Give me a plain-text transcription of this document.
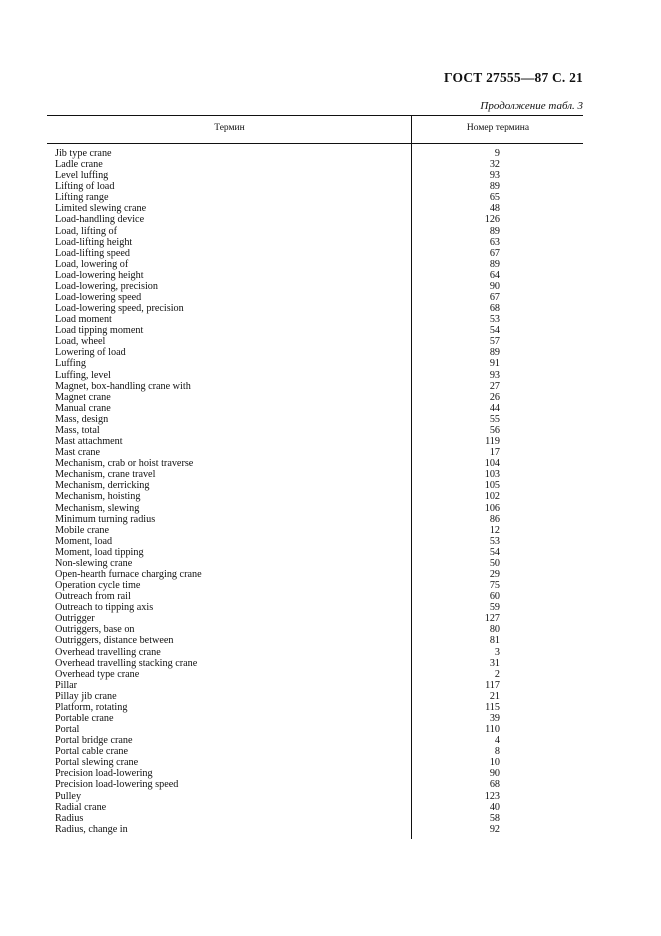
ГОСТ 27555—87 С. 21
Продолжение табл. 3
Термин	Номер термина
Jib type crane	9
Ladle crane	32
Level luffing	93
Lifting of load	89
Lifting range	65
Limited slewing crane	48
Load-handling device	126
Load, lifting of	89
Load-lifting height	63
Load-lifting speed	67
Load, lowering of	89
Load-lowering height	64
Load-lowering, precision	90
Load-lowering speed	67
Load-lowering speed, precision	68
Load moment	53
Load tipping moment	54
Load, wheel	57
Lowering of load	89
Luffing	91
Luffing, level	93
Magnet, box-handling crane with	27
Magnet crane	26
Manual crane	44
Mass, design	55
Mass, total	56
Mast attachment	119
Mast crane	17
Mechanism, crab or hoist traverse	104
Mechanism, crane travel	103
Mechanism, derricking	105
Mechanism, hoisting	102
Mechanism, slewing	106
Minimum turning radius	86
Mobile crane	12
Moment, load	53
Moment, load tipping	54
Non-slewing crane	50
Open-hearth furnace charging crane	29
Operation cycle time	75
Outreach from rail	60
Outreach to tipping axis	59
Outrigger	127
Outriggers, base on	80
Outriggers, distance between	81
Overhead travelling crane	3
Overhead travelling stacking crane	31
Overhead type crane	2
Pillar	117
Pillay jib crane	21
Platform, rotating	115
Portable crane	39
Portal	110
Portal bridge crane	4
Portal cable crane	8
Portal slewing crane	10
Precision load-lowering	90
Precision load-lowering speed	68
Pulley	123
Radial crane	40
Radius	58
Radius, change in	92
